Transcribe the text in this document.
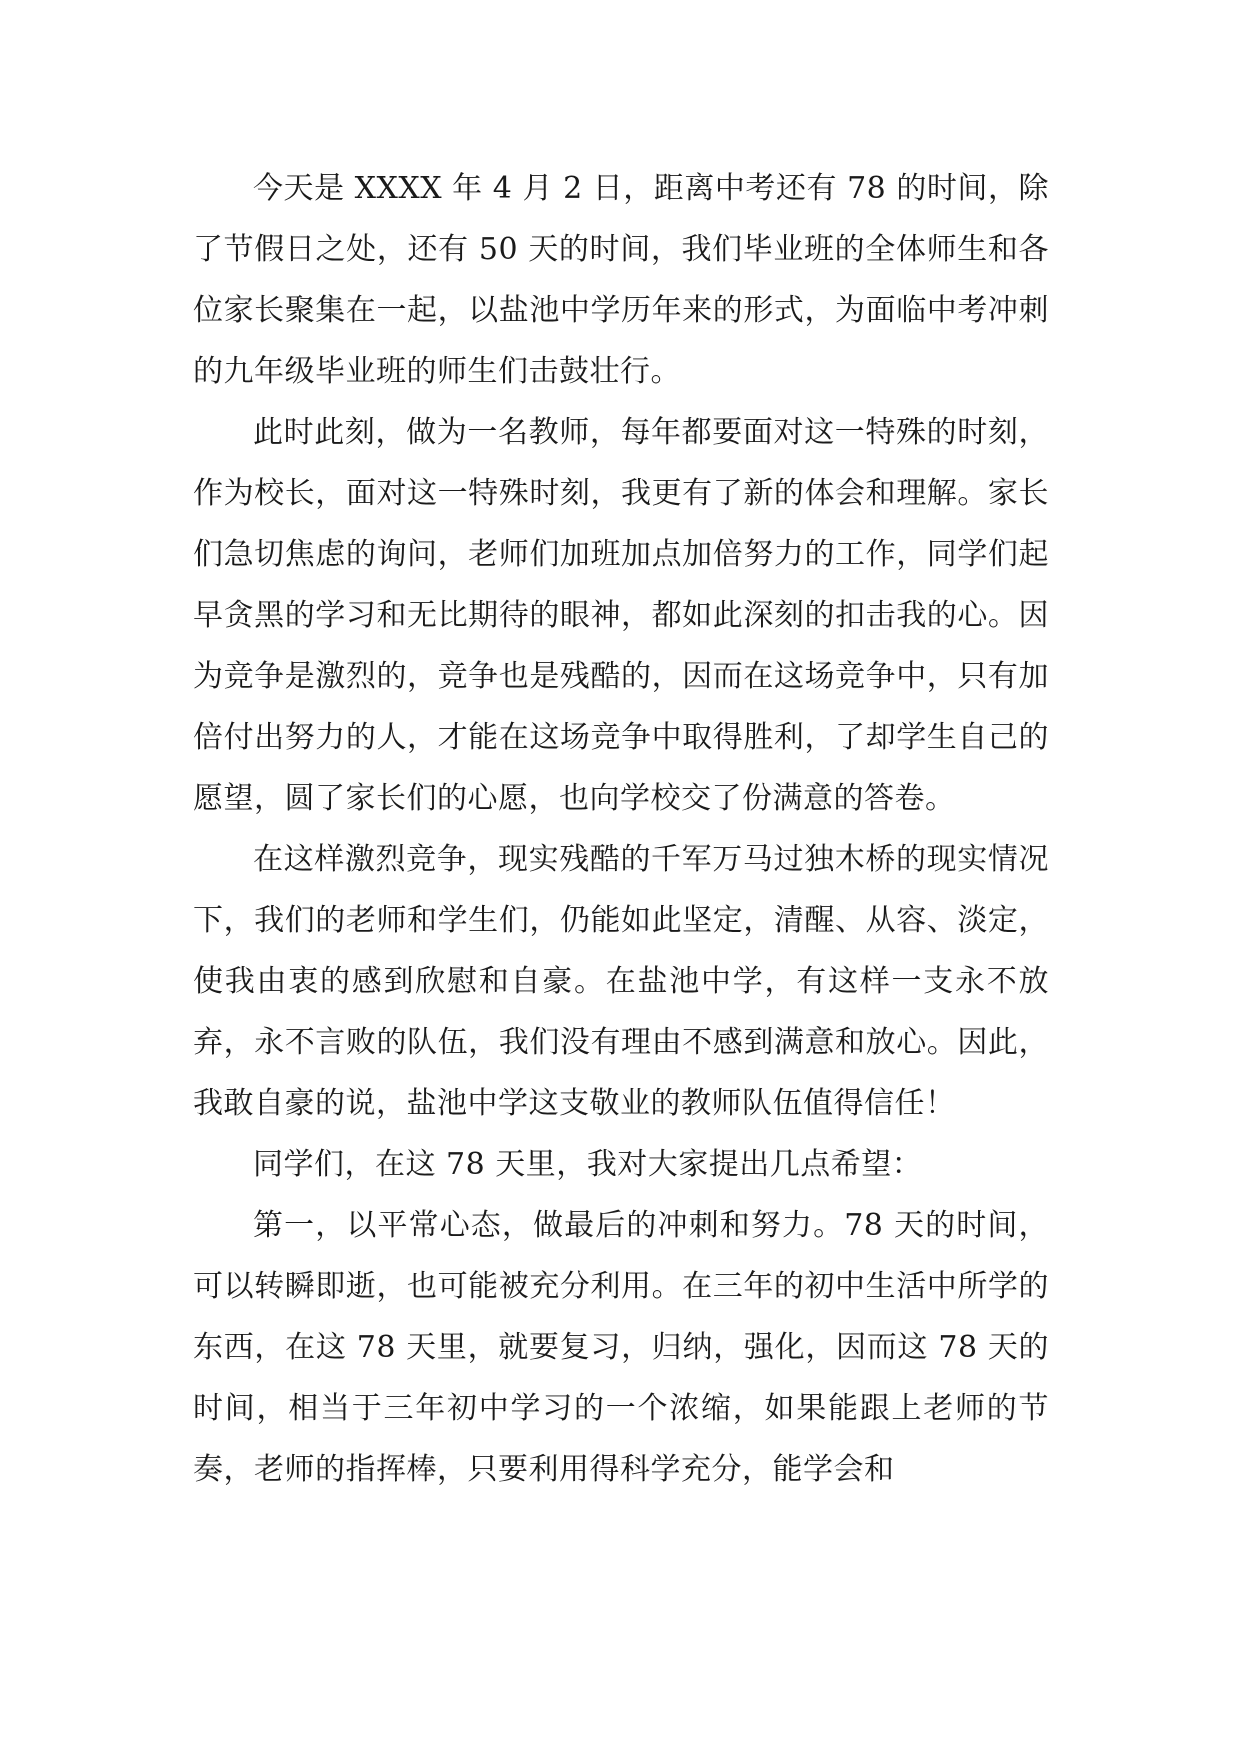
今天是 XXXX 年 4 月 2 日，距离中考还有 78 的时间，除了节假日之处，还有 50 天的时间，我们毕业班的全体师生和各位家长聚集在一起，以盐池中学历年来的形式，为面临中考冲刺的九年级毕业班的师生们击鼓壮行。

此时此刻，做为一名教师，每年都要面对这一特殊的时刻，作为校长，面对这一特殊时刻，我更有了新的体会和理解。家长们急切焦虑的询问，老师们加班加点加倍努力的工作，同学们起早贪黑的学习和无比期待的眼神，都如此深刻的扣击我的心。因为竞争是激烈的，竞争也是残酷的，因而在这场竞争中，只有加倍付出努力的人，才能在这场竞争中取得胜利，了却学生自己的愿望，圆了家长们的心愿，也向学校交了份满意的答卷。

在这样激烈竞争，现实残酷的千军万马过独木桥的现实情况下，我们的老师和学生们，仍能如此坚定，清醒、从容、淡定，使我由衷的感到欣慰和自豪。在盐池中学，有这样一支永不放弃，永不言败的队伍，我们没有理由不感到满意和放心。因此，我敢自豪的说，盐池中学这支敬业的教师队伍值得信任！

同学们，在这 78 天里，我对大家提出几点希望：

第一，以平常心态，做最后的冲刺和努力。78 天的时间，可以转瞬即逝，也可能被充分利用。在三年的初中生活中所学的东西，在这 78 天里，就要复习，归纳，强化，因而这 78 天的时间，相当于三年初中学习的一个浓缩，如果能跟上老师的节奏，老师的指挥棒，只要利用得科学充分，能学会和
